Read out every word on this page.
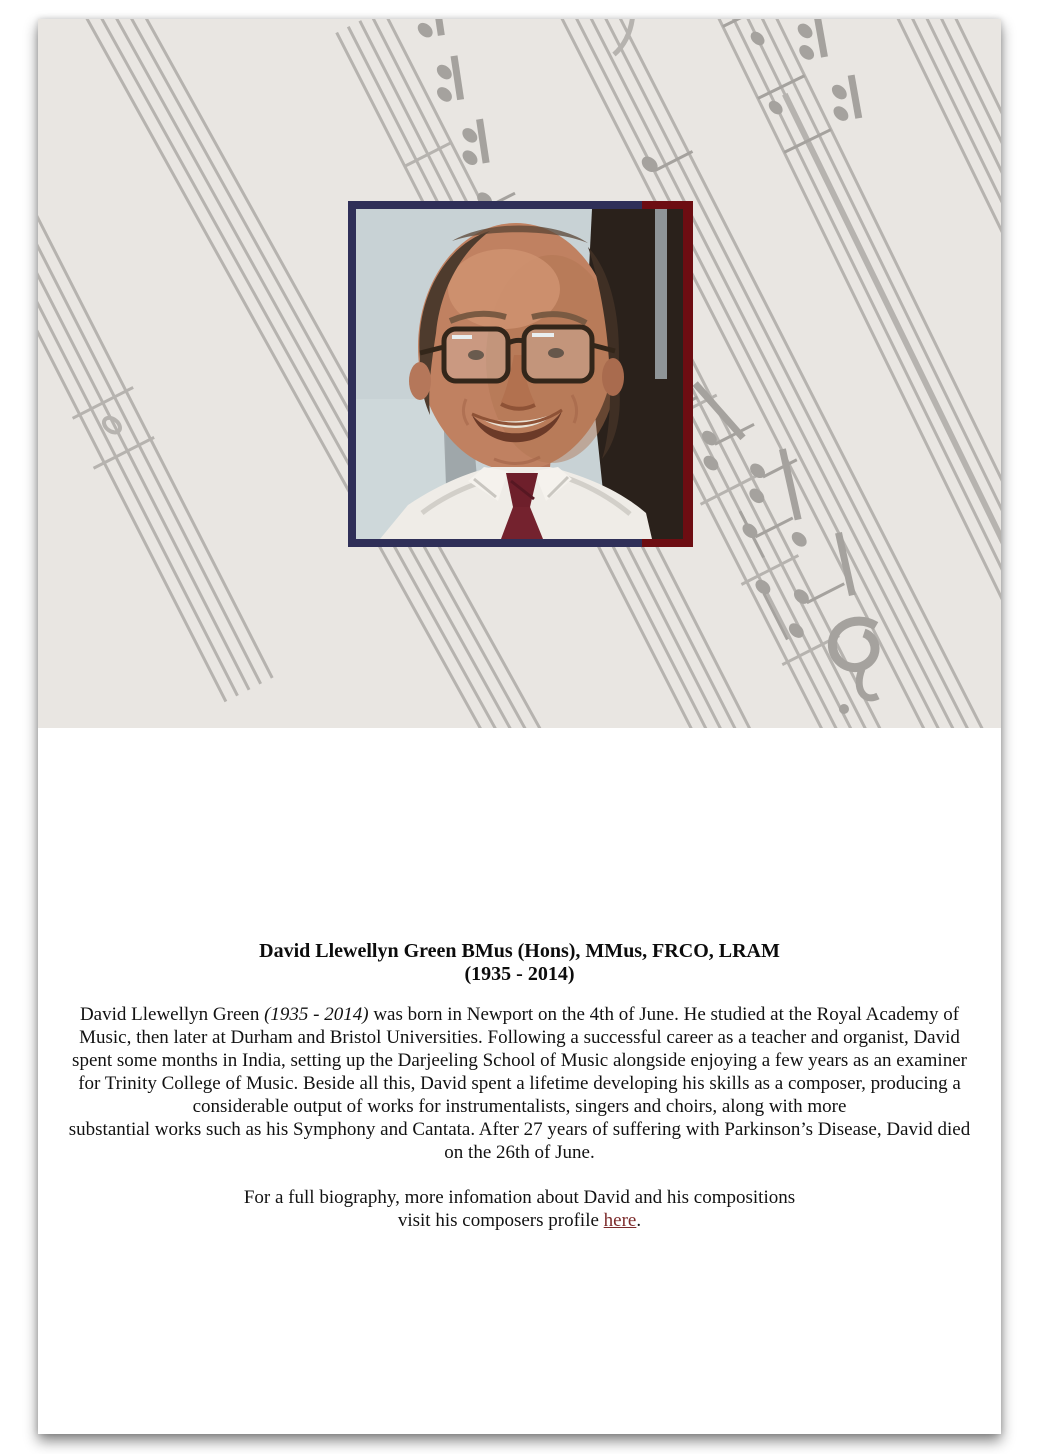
David Llewellyn Green BMus (Hons), MMus, FRCO, LRAM
(1935 - 2014)
David Llewellyn Green (1935 - 2014) was born in Newport on the 4th of June. He studied at the Royal Academy of
Music, then later at Durham and Bristol Universities. Following a successful career as a teacher and organist, David
spent some months in India, setting up the Darjeeling School of Music alongside enjoying a few years as an examiner
for Trinity College of Music. Beside all this, David spent a lifetime developing his skills as a composer, producing a
considerable output of works for instrumentalists, singers and choirs, along with more
substantial works such as his Symphony and Cantata. After 27 years of suffering with Parkinson’s Disease, David died
on the 26th of June.
For a full biography, more infomation about David and his compositions
visit his composers profile here.
